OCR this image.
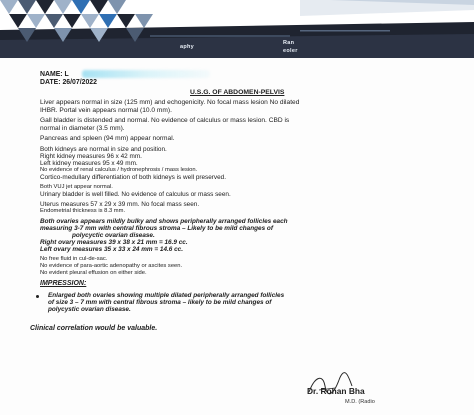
aphy
Ran
eoler
NAME: L
DATE: 26/07/2022
U.S.G. OF ABDOMEN-PELVIS
Liver appears normal in size (125 mm) and echogenicity. No focal mass lesion No dilated
IHBR. Portal vein appears normal (10.0 mm).
Gall bladder is distended and normal. No evidence of calculus or mass lesion. CBD is
normal in diameter (3.5 mm).
Pancreas and spleen (94 mm) appear normal.
Both kidneys are normal in size and position.
Right kidney measures 96 x 42 mm.
Left kidney measures 95 x 49 mm.
No evidence of renal calculus / hydronephrosis / mass lesion.
Cortico-medullary differentiation of both kidneys is well preserved.
Both VUJ jet appear normal.
Urinary bladder is well filled. No evidence of calculus or mass seen.
Uterus measures 57 x 29 x 39 mm. No focal mass seen.
Endometrial thickness is 8.3 mm.
Both ovaries appears mildly bulky and shows peripherally arranged follicles each
measuring 3-7 mm with central fibrous stroma – Likely to be mild changes of
polycyctic ovarian disease.
Right ovary measures 39 x 38 x 21 mm = 16.9 cc.
Left ovary measures 35 x 33 x 24 mm = 14.6 cc.
No free fluid in cul-de-sac.
No evidence of para-aortic adenopathy or ascites seen.
No evident pleural effusion on either side.
IMPRESSION:
Enlarged both ovaries showing multiple dilated peripherally arranged follicles
of size 3 – 7 mm with central fibrous stroma – likely to be mild changes of
polycystic ovarian disease.
Clinical correlation would be valuable.
Dr. Rohan Bha
M.D. (Radio
